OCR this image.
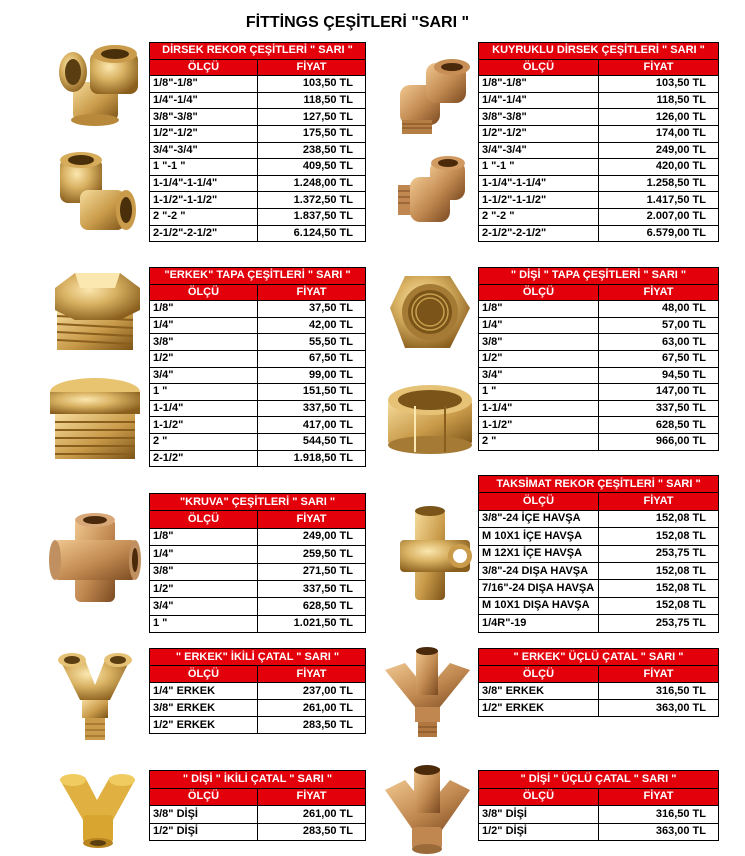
FİTTİNGS ÇEŞİTLERİ "SARI "
DİRSEK REKOR ÇEŞİTLERİ " SARI "	
ÖLÇÜ	FİYAT
1/8"-1/8"	103,50 TL
1/4"-1/4"	118,50 TL
3/8"-3/8"	127,50 TL
1/2"-1/2"	175,50 TL
3/4"-3/4"	238,50 TL
1 "-1 "	409,50 TL
1-1/4"-1-1/4"	1.248,00 TL
1-1/2"-1-1/2"	1.372,50 TL
2 "-2 "	1.837,50 TL
2-1/2"-2-1/2"	6.124,50 TL
KUYRUKLU DİRSEK ÇEŞİTLERİ " SARI "	
ÖLÇÜ	FİYAT
1/8"-1/8"	103,50 TL
1/4"-1/4"	118,50 TL
3/8"-3/8"	126,00 TL
1/2"-1/2"	174,00 TL
3/4"-3/4"	249,00 TL
1 "-1 "	420,00 TL
1-1/4"-1-1/4"	1.258,50 TL
1-1/2"-1-1/2"	1.417,50 TL
2 "-2 "	2.007,00 TL
2-1/2"-2-1/2"	6.579,00 TL
"ERKEK" TAPA ÇEŞİTLERİ " SARI "	
ÖLÇÜ	FİYAT
1/8"	37,50 TL
1/4"	42,00 TL
3/8"	55,50 TL
1/2"	67,50 TL
3/4"	99,00 TL
1 "	151,50 TL
1-1/4"	337,50 TL
1-1/2"	417,00 TL
2 "	544,50 TL
2-1/2"	1.918,50 TL
" DİŞİ " TAPA ÇEŞİTLERİ " SARI "	
ÖLÇÜ	FİYAT
1/8"	48,00 TL
1/4"	57,00 TL
3/8"	63,00 TL
1/2"	67,50 TL
3/4"	94,50 TL
1 "	147,00 TL
1-1/4"	337,50 TL
1-1/2"	628,50 TL
2 "	966,00 TL
"KRUVA" ÇEŞİTLERİ " SARI "	
ÖLÇÜ	FİYAT
1/8"	249,00 TL
1/4"	259,50 TL
3/8"	271,50 TL
1/2"	337,50 TL
3/4"	628,50 TL
1 "	1.021,50 TL
TAKSİMAT REKOR ÇEŞİTLERİ " SARI "	
ÖLÇÜ	FİYAT
3/8"-24 İÇE HAVŞA	152,08 TL
M 10X1 İÇE HAVŞA	152,08 TL
M 12X1 İÇE HAVŞA	253,75 TL
3/8"-24 DIŞA HAVŞA	152,08 TL
7/16"-24 DIŞA HAVŞA	152,08 TL
M 10X1 DIŞA HAVŞA	152,08 TL
1/4R"-19	253,75 TL
" ERKEK" İKİLİ ÇATAL " SARI "	
ÖLÇÜ	FİYAT
1/4" ERKEK	237,00 TL
3/8" ERKEK	261,00 TL
1/2" ERKEK	283,50 TL
" ERKEK" ÜÇLÜ ÇATAL " SARI "	
ÖLÇÜ	FİYAT
3/8" ERKEK	316,50 TL
1/2" ERKEK	363,00 TL
" DİŞİ " İKİLİ ÇATAL " SARI "	
ÖLÇÜ	FİYAT
3/8" DİŞİ	261,00 TL
1/2" DİŞİ	283,50 TL
" DİŞİ " ÜÇLÜ ÇATAL " SARI "	
ÖLÇÜ	FİYAT
3/8" DİŞİ	316,50 TL
1/2" DİŞİ	363,00 TL
